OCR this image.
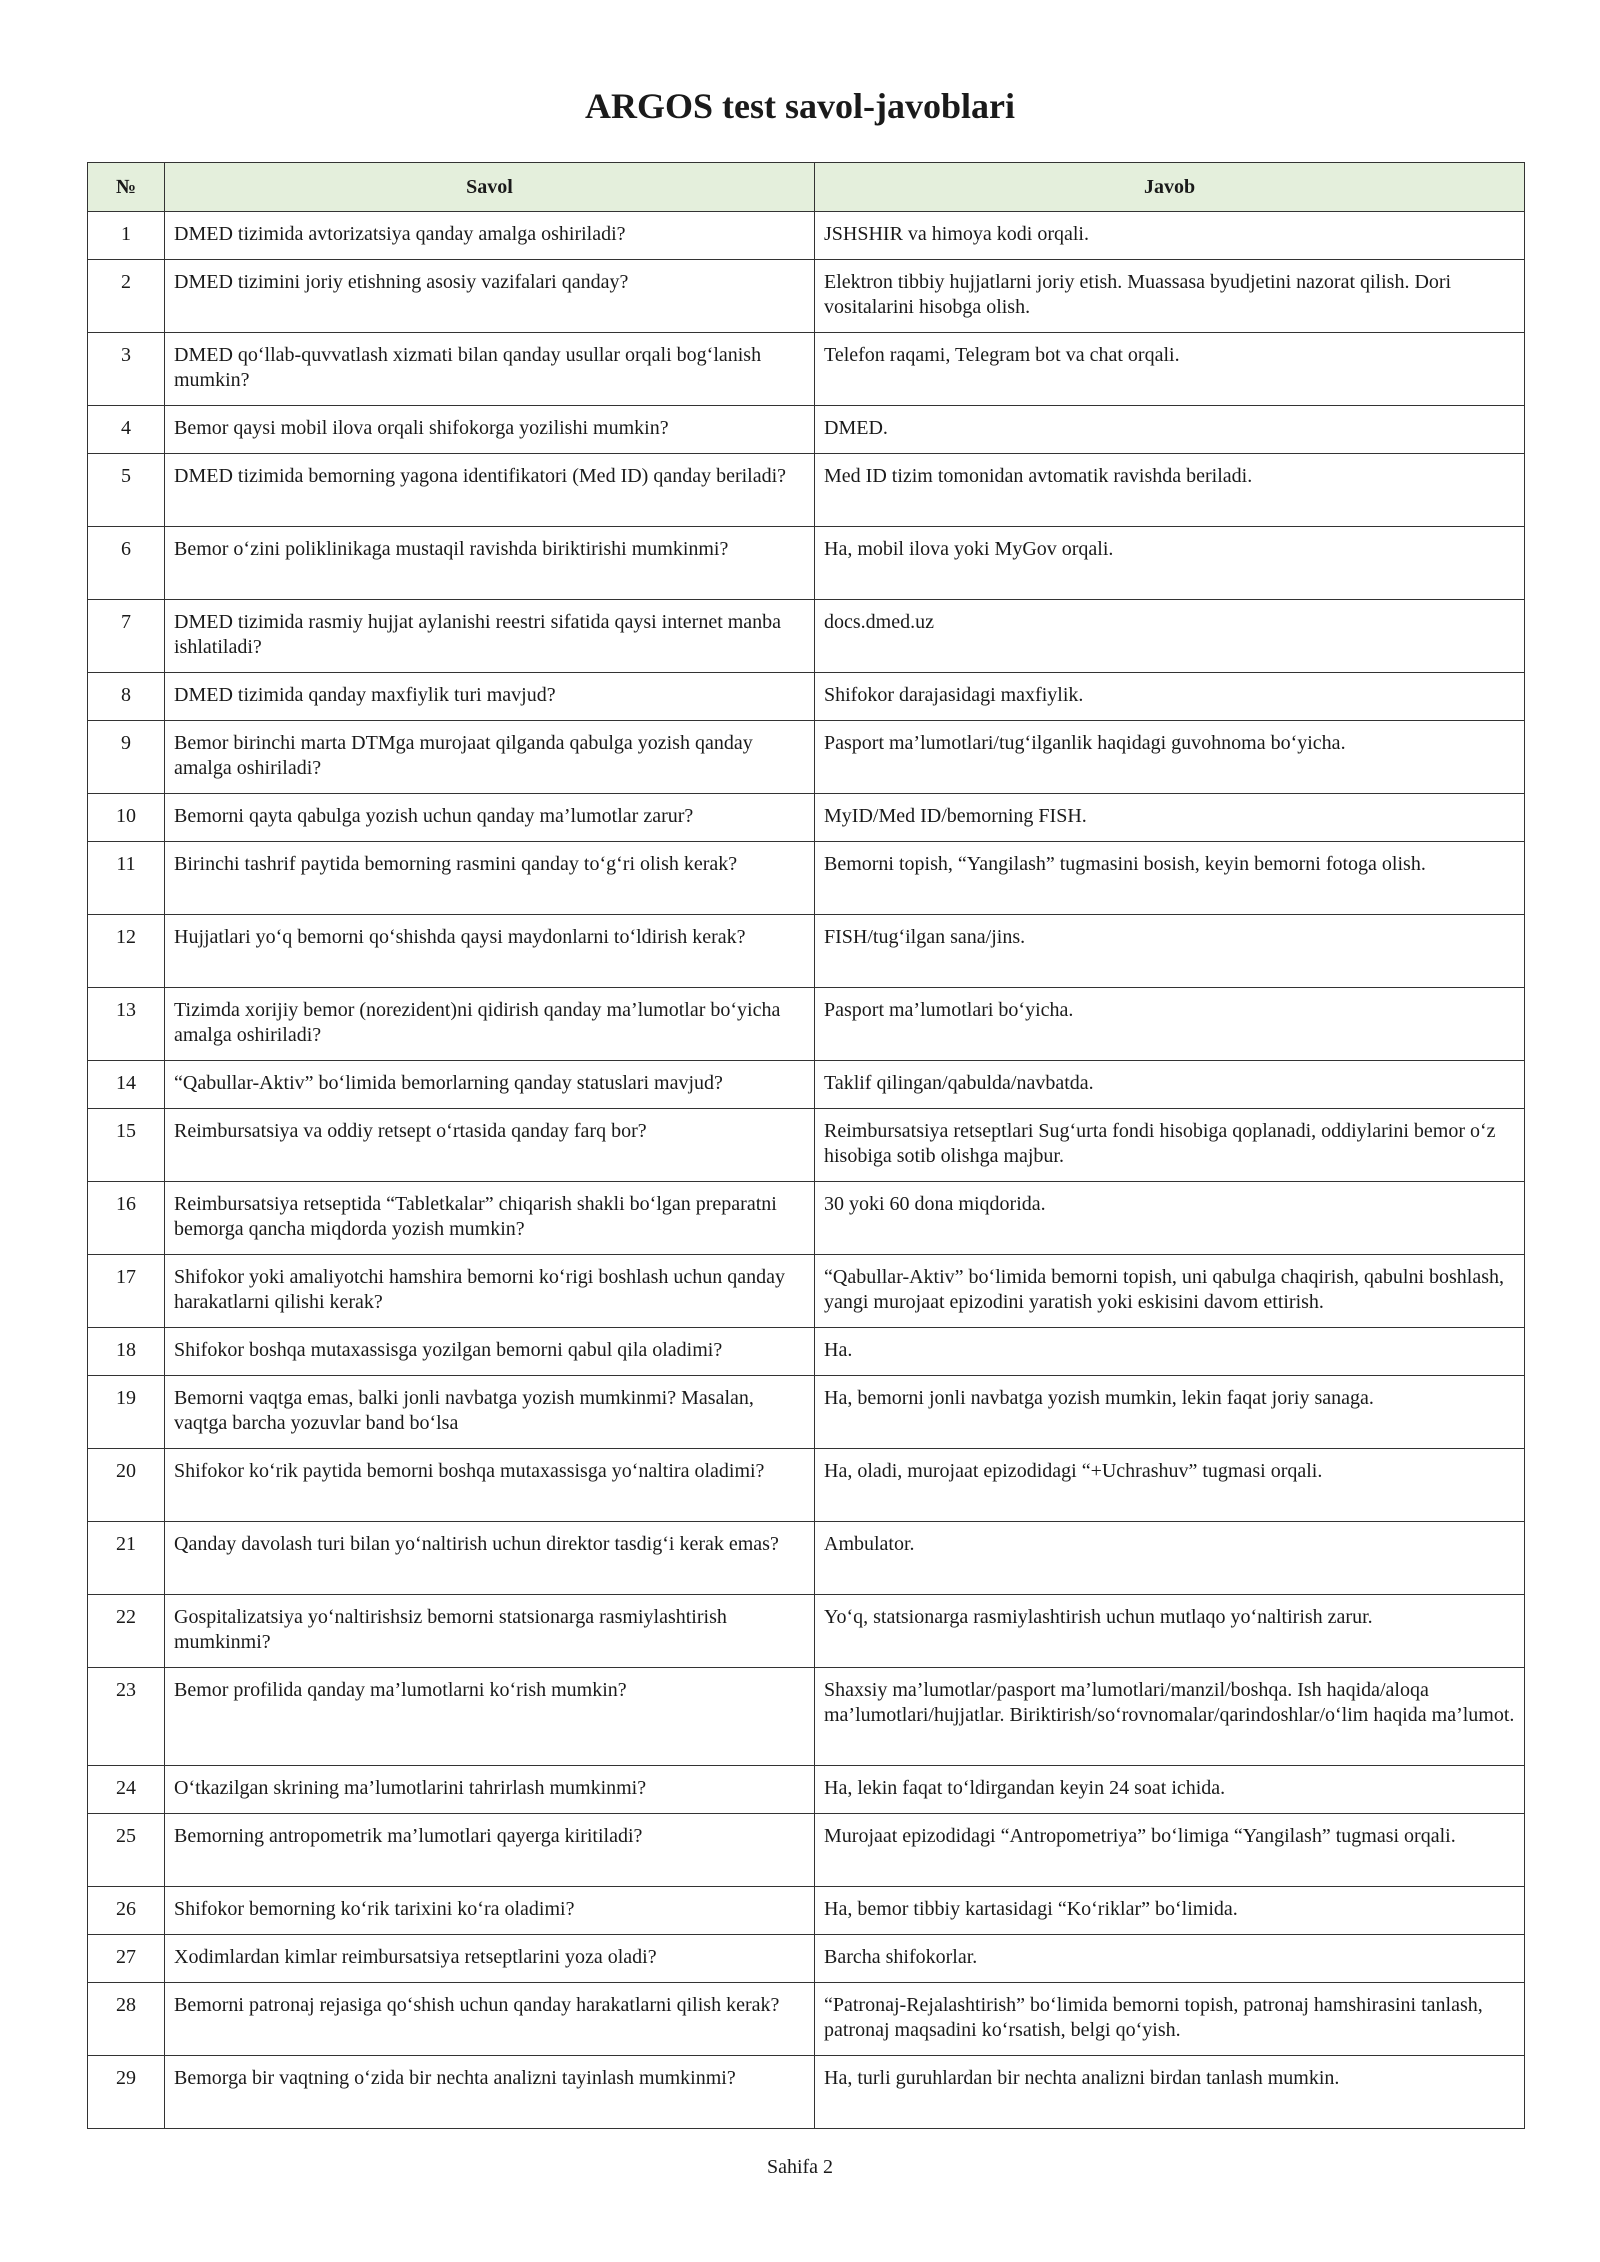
ARGOS test savol-javoblari
№	Savol	Javob
1	DMED tizimida avtorizatsiya qanday amalga oshiriladi?	JSHSHIR va himoya kodi orqali.
2	DMED tizimini joriy etishning asosiy vazifalari qanday?	Elektron tibbiy hujjatlarni joriy etish. Muassasa byudjetini nazorat qilish. Dori vositalarini hisobga olish.
3	DMED qo‘llab-quvvatlash xizmati bilan qanday usullar orqali bog‘lanish mumkin?	Telefon raqami, Telegram bot va chat orqali.
4	Bemor qaysi mobil ilova orqali shifokorga yozilishi mumkin?	DMED.
5	DMED tizimida bemorning yagona identifikatori (Med ID) qanday beriladi?	Med ID tizim tomonidan avtomatik ravishda beriladi.
6	Bemor o‘zini poliklinikaga mustaqil ravishda biriktirishi mumkinmi?	Ha, mobil ilova yoki MyGov orqali.
7	DMED tizimida rasmiy hujjat aylanishi reestri sifatida qaysi internet manba ishlatiladi?	docs.dmed.uz
8	DMED tizimida qanday maxfiylik turi mavjud?	Shifokor darajasidagi maxfiylik.
9	Bemor birinchi marta DTMga murojaat qilganda qabulga yozish qanday amalga oshiriladi?	Pasport ma’lumotlari/tug‘ilganlik haqidagi guvohnoma bo‘yicha.
10	Bemorni qayta qabulga yozish uchun qanday ma’lumotlar zarur?	MyID/Med ID/bemorning FISH.
11	Birinchi tashrif paytida bemorning rasmini qanday to‘g‘ri olish kerak?	Bemorni topish, “Yangilash” tugmasini bosish, keyin bemorni fotoga olish.
12	Hujjatlari yo‘q bemorni qo‘shishda qaysi maydonlarni to‘ldirish kerak?	FISH/tug‘ilgan sana/jins.
13	Tizimda xorijiy bemor (norezident)ni qidirish qanday ma’lumotlar bo‘yicha amalga oshiriladi?	Pasport ma’lumotlari bo‘yicha.
14	“Qabullar-Aktiv” bo‘limida bemorlarning qanday statuslari mavjud?	Taklif qilingan/qabulda/navbatda.
15	Reimbursatsiya va oddiy retsept o‘rtasida qanday farq bor?	Reimbursatsiya retseptlari Sug‘urta fondi hisobiga qoplanadi, oddiylarini bemor o‘z hisobiga sotib olishga majbur.
16	Reimbursatsiya retseptida “Tabletkalar” chiqarish shakli bo‘lgan preparatni bemorga qancha miqdorda yozish mumkin?	30 yoki 60 dona miqdorida.
17	Shifokor yoki amaliyotchi hamshira bemorni ko‘rigi boshlash uchun qanday harakatlarni qilishi kerak?	“Qabullar-Aktiv” bo‘limida bemorni topish, uni qabulga chaqirish, qabulni boshlash, yangi murojaat epizodini yaratish yoki eskisini davom ettirish.
18	Shifokor boshqa mutaxassisga yozilgan bemorni qabul qila oladimi?	Ha.
19	Bemorni vaqtga emas, balki jonli navbatga yozish mumkinmi? Masalan, vaqtga barcha yozuvlar band bo‘lsa	Ha, bemorni jonli navbatga yozish mumkin, lekin faqat joriy sanaga.
20	Shifokor ko‘rik paytida bemorni boshqa mutaxassisga yo‘naltira oladimi?	Ha, oladi, murojaat epizodidagi “+Uchrashuv” tugmasi orqali.
21	Qanday davolash turi bilan yo‘naltirish uchun direktor tasdig‘i kerak emas?	Ambulator.
22	Gospitalizatsiya yo‘naltirishsiz bemorni statsionarga rasmiylashtirish mumkinmi?	Yo‘q, statsionarga rasmiylashtirish uchun mutlaqo yo‘naltirish zarur.
23	Bemor profilida qanday ma’lumotlarni ko‘rish mumkin?	Shaxsiy ma’lumotlar/pasport ma’lumotlari/manzil/boshqa. Ish haqida/aloqa ma’lumotlari/hujjatlar. Biriktirish/so‘rovnomalar/qarindoshlar/o‘lim haqida ma’lumot.
24	O‘tkazilgan skrining ma’lumotlarini tahrirlash mumkinmi?	Ha, lekin faqat to‘ldirgandan keyin 24 soat ichida.
25	Bemorning antropometrik ma’lumotlari qayerga kiritiladi?	Murojaat epizodidagi “Antropometriya” bo‘limiga “Yangilash” tugmasi orqali.
26	Shifokor bemorning ko‘rik tarixini ko‘ra oladimi?	Ha, bemor tibbiy kartasidagi “Ko‘riklar” bo‘limida.
27	Xodimlardan kimlar reimbursatsiya retseptlarini yoza oladi?	Barcha shifokorlar.
28	Bemorni patronaj rejasiga qo‘shish uchun qanday harakatlarni qilish kerak?	“Patronaj-Rejalashtirish” bo‘limida bemorni topish, patronaj hamshirasini tanlash, patronaj maqsadini ko‘rsatish, belgi qo‘yish.
29	Bemorga bir vaqtning o‘zida bir nechta analizni tayinlash mumkinmi?	Ha, turli guruhlardan bir nechta analizni birdan tanlash mumkin.
Sahifa 2
